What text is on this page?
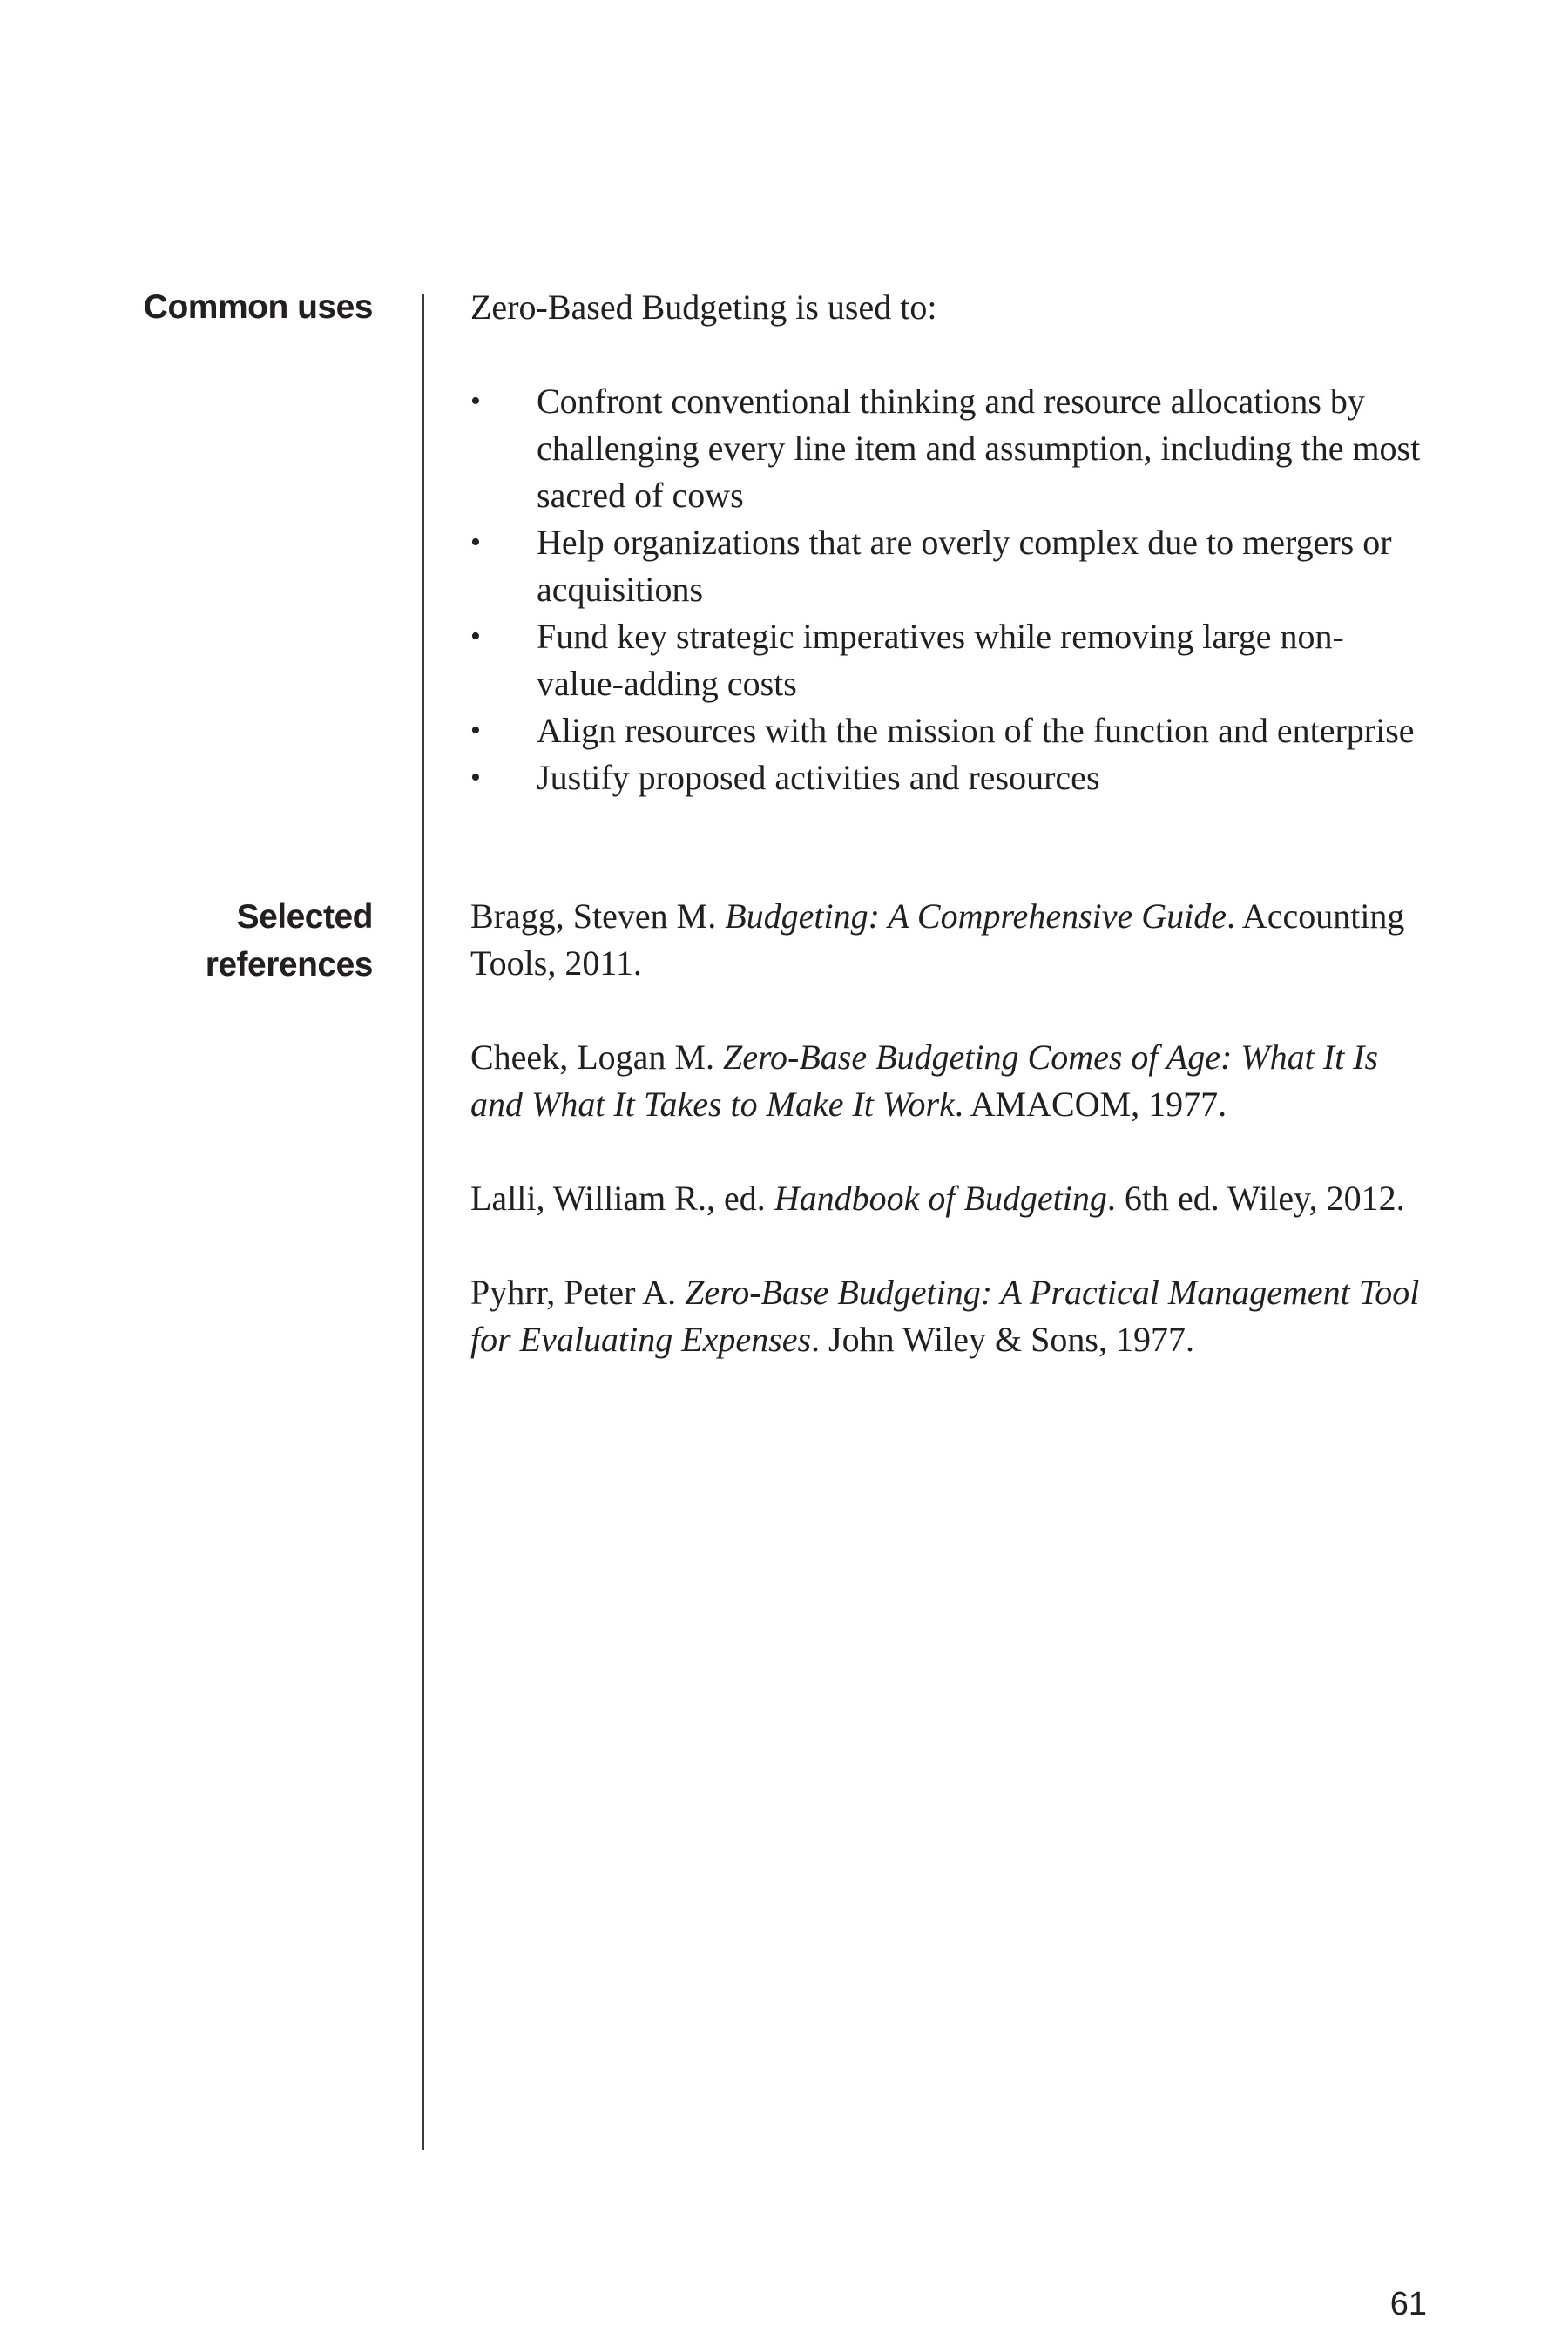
Common uses	Zero-Based Budgeting is used to:

• Confront conventional thinking and resource allocations by challenging every line item and assumption, including the most sacred of cows
• Help organizations that are overly complex due to mergers or acquisitions
• Fund key strategic imperatives while removing large non-value-adding costs
• Align resources with the mission of the function and enterprise
• Justify proposed activities and resources
Selected
references

Bragg, Steven M. Budgeting: A Comprehensive Guide. Accounting Tools, 2011.

Cheek, Logan M. Zero-Base Budgeting Comes of Age: What It Is and What It Takes to Make It Work. AMACOM, 1977.

Lalli, William R., ed. Handbook of Budgeting. 6th ed. Wiley, 2012.

Pyhrr, Peter A. Zero-Base Budgeting: A Practical Management Tool for Evaluating Expenses. John Wiley & Sons, 1977.

61
